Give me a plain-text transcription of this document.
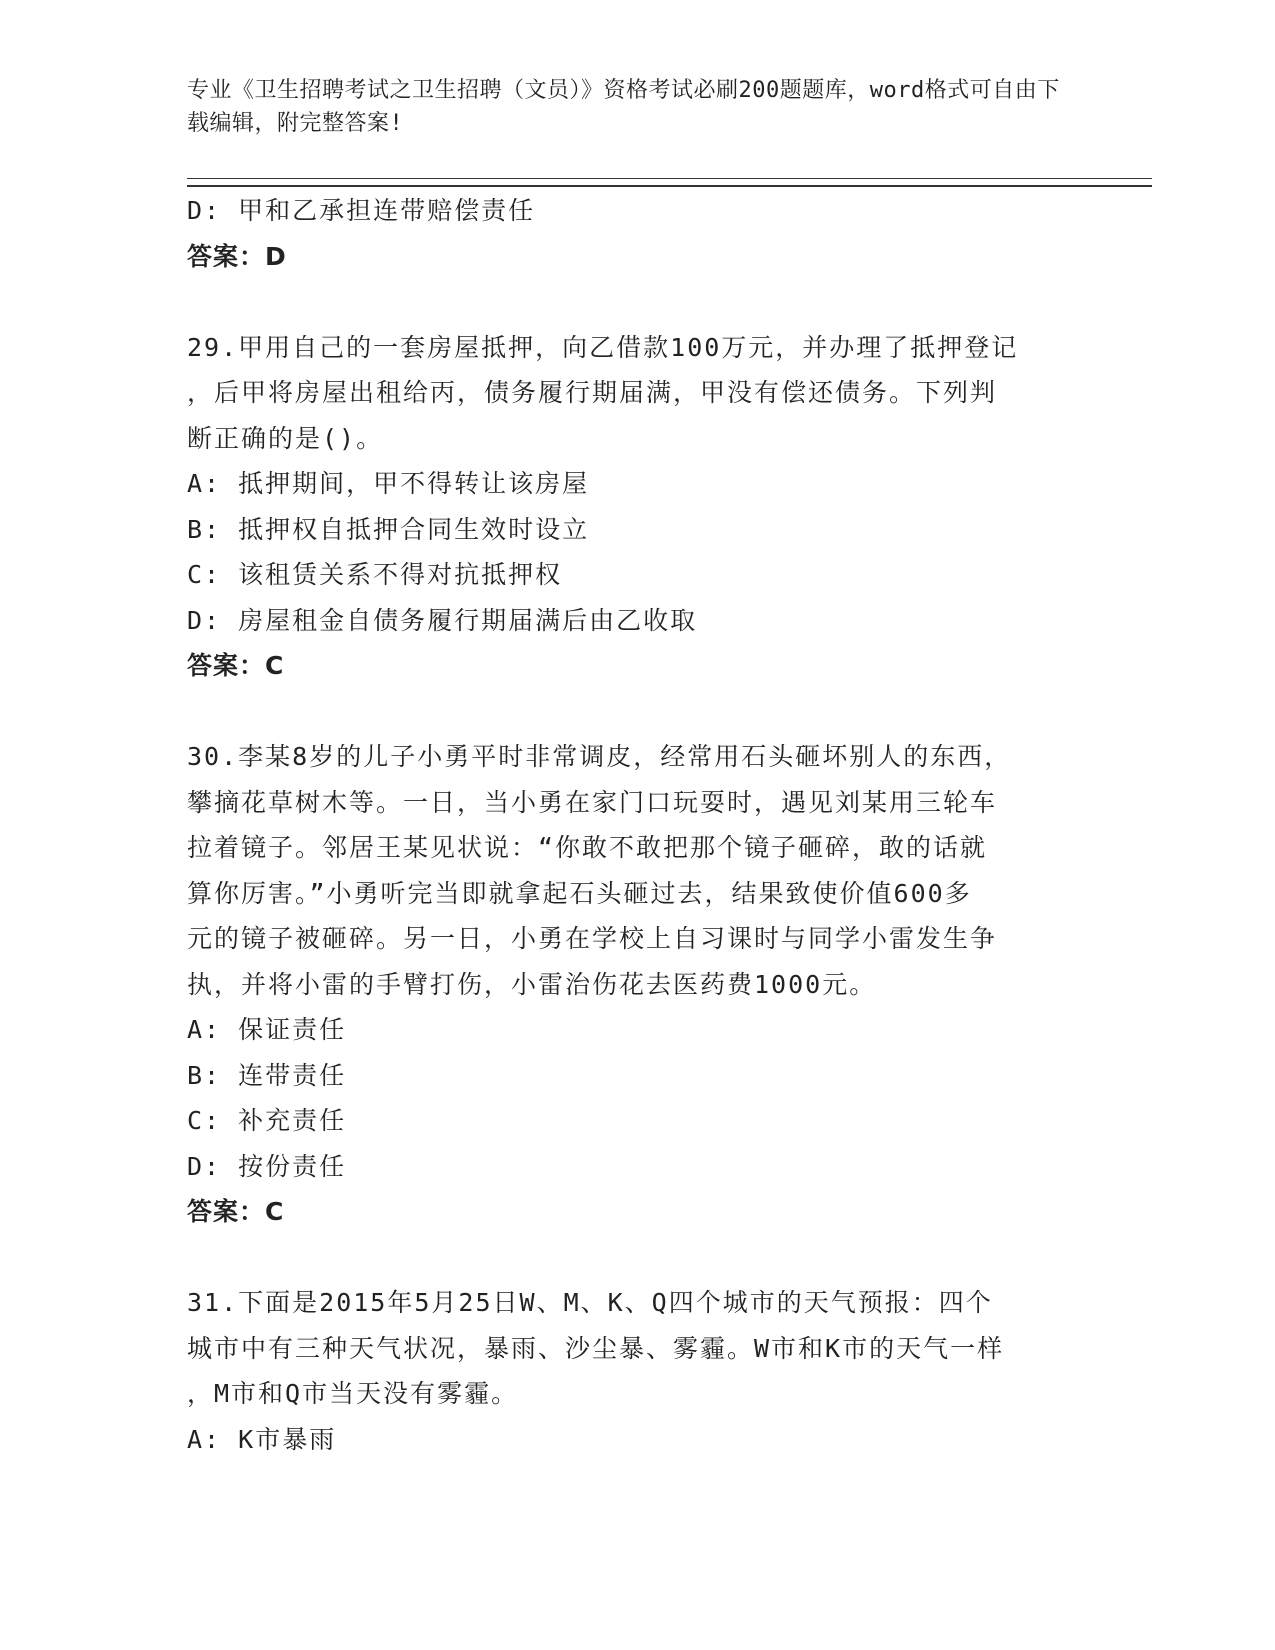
专业《卫生招聘考试之卫生招聘（文员）》资格考试必刷200题题库，word格式可自由下载编辑，附完整答案!
D: 甲和乙承担连带赔偿责任
答案：D
29.甲用自己的一套房屋抵押，向乙借款100万元，并办理了抵押登记
，后甲将房屋出租给丙，债务履行期届满，甲没有偿还债务。下列判
断正确的是()。
A: 抵押期间，甲不得转让该房屋
B: 抵押权自抵押合同生效时设立
C: 该租赁关系不得对抗抵押权
D: 房屋租金自债务履行期届满后由乙收取
答案：C
30.李某8岁的儿子小勇平时非常调皮，经常用石头砸坏别人的东西，
攀摘花草树木等。一日，当小勇在家门口玩耍时，遇见刘某用三轮车
拉着镜子。邻居王某见状说：“你敢不敢把那个镜子砸碎，敢的话就
算你厉害。”小勇听完当即就拿起石头砸过去，结果致使价值600多
元的镜子被砸碎。另一日，小勇在学校上自习课时与同学小雷发生争
执，并将小雷的手臂打伤，小雷治伤花去医药费1000元。
A: 保证责任
B: 连带责任
C: 补充责任
D: 按份责任
答案：C
31.下面是2015年5月25日W、M、K、Q四个城市的天气预报：四个
城市中有三种天气状况，暴雨、沙尘暴、雾霾。W市和K市的天气一样
，M市和Q市当天没有雾霾。
A: K市暴雨
